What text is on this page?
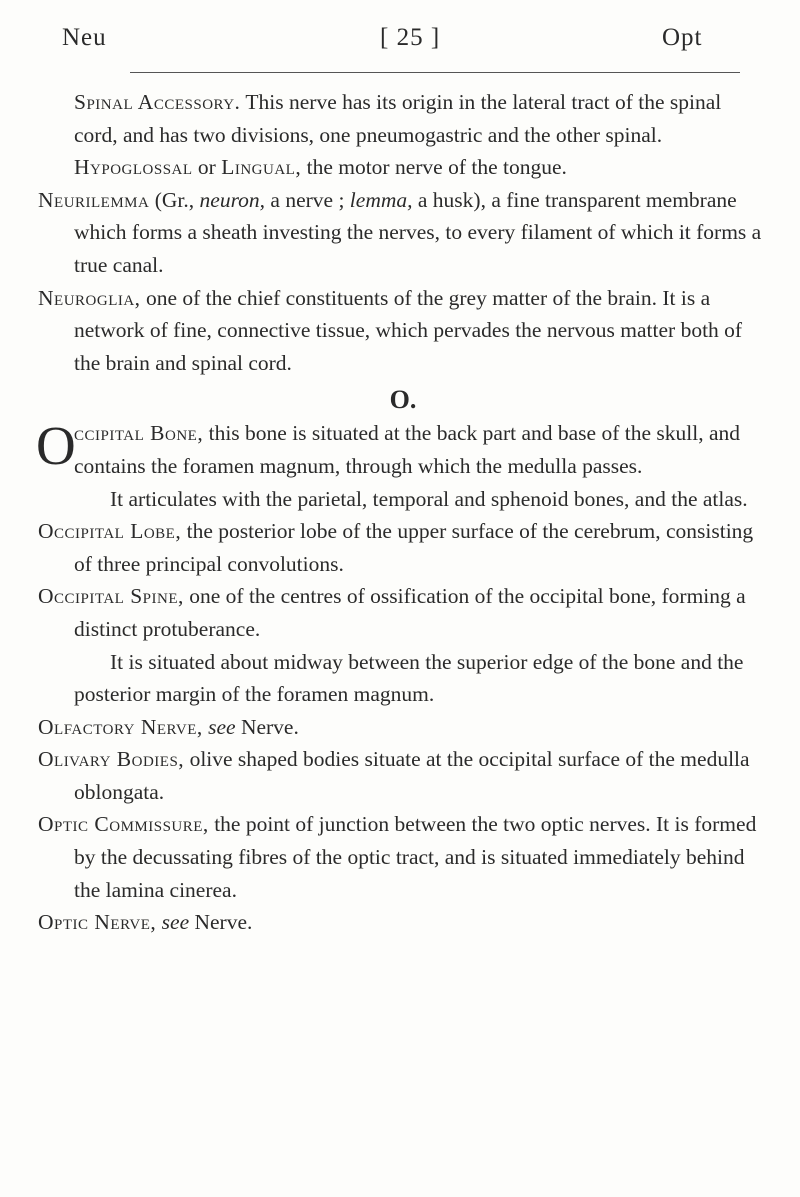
Neu	[ 25 ]	Opt

Spinal Accessory. This nerve has its origin in the lateral tract of the spinal cord, and has two divisions, one pneumogastric and the other spinal.

Hypoglossal or Lingual, the motor nerve of the tongue.

Neurilemma (Gr., neuron, a nerve ; lemma, a husk), a fine transparent membrane which forms a sheath investing the nerves, to every filament of which it forms a true canal.

Neuroglia, one of the chief constituents of the grey matter of the brain. It is a network of fine, connective tissue, which pervades the nervous matter both of the brain and spinal cord.

O.

O
ccipital Bone, this bone is situated at the back part and base of the skull, and contains the foramen magnum, through which the medulla passes.

It articulates with the parietal, temporal and sphenoid bones, and the atlas.

Occipital Lobe, the posterior lobe of the upper surface of the cerebrum, consisting of three principal convolutions.

Occipital Spine, one of the centres of ossification of the occipital bone, forming a distinct protuberance.

It is situated about midway between the superior edge of the bone and the posterior margin of the foramen magnum.

Olfactory Nerve, see Nerve.

Olivary Bodies, olive shaped bodies situate at the occipital surface of the medulla oblongata.

Optic Commissure, the point of junction between the two optic nerves. It is formed by the decussating fibres of the optic tract, and is situated immediately behind the lamina cinerea.

Optic Nerve, see Nerve.
